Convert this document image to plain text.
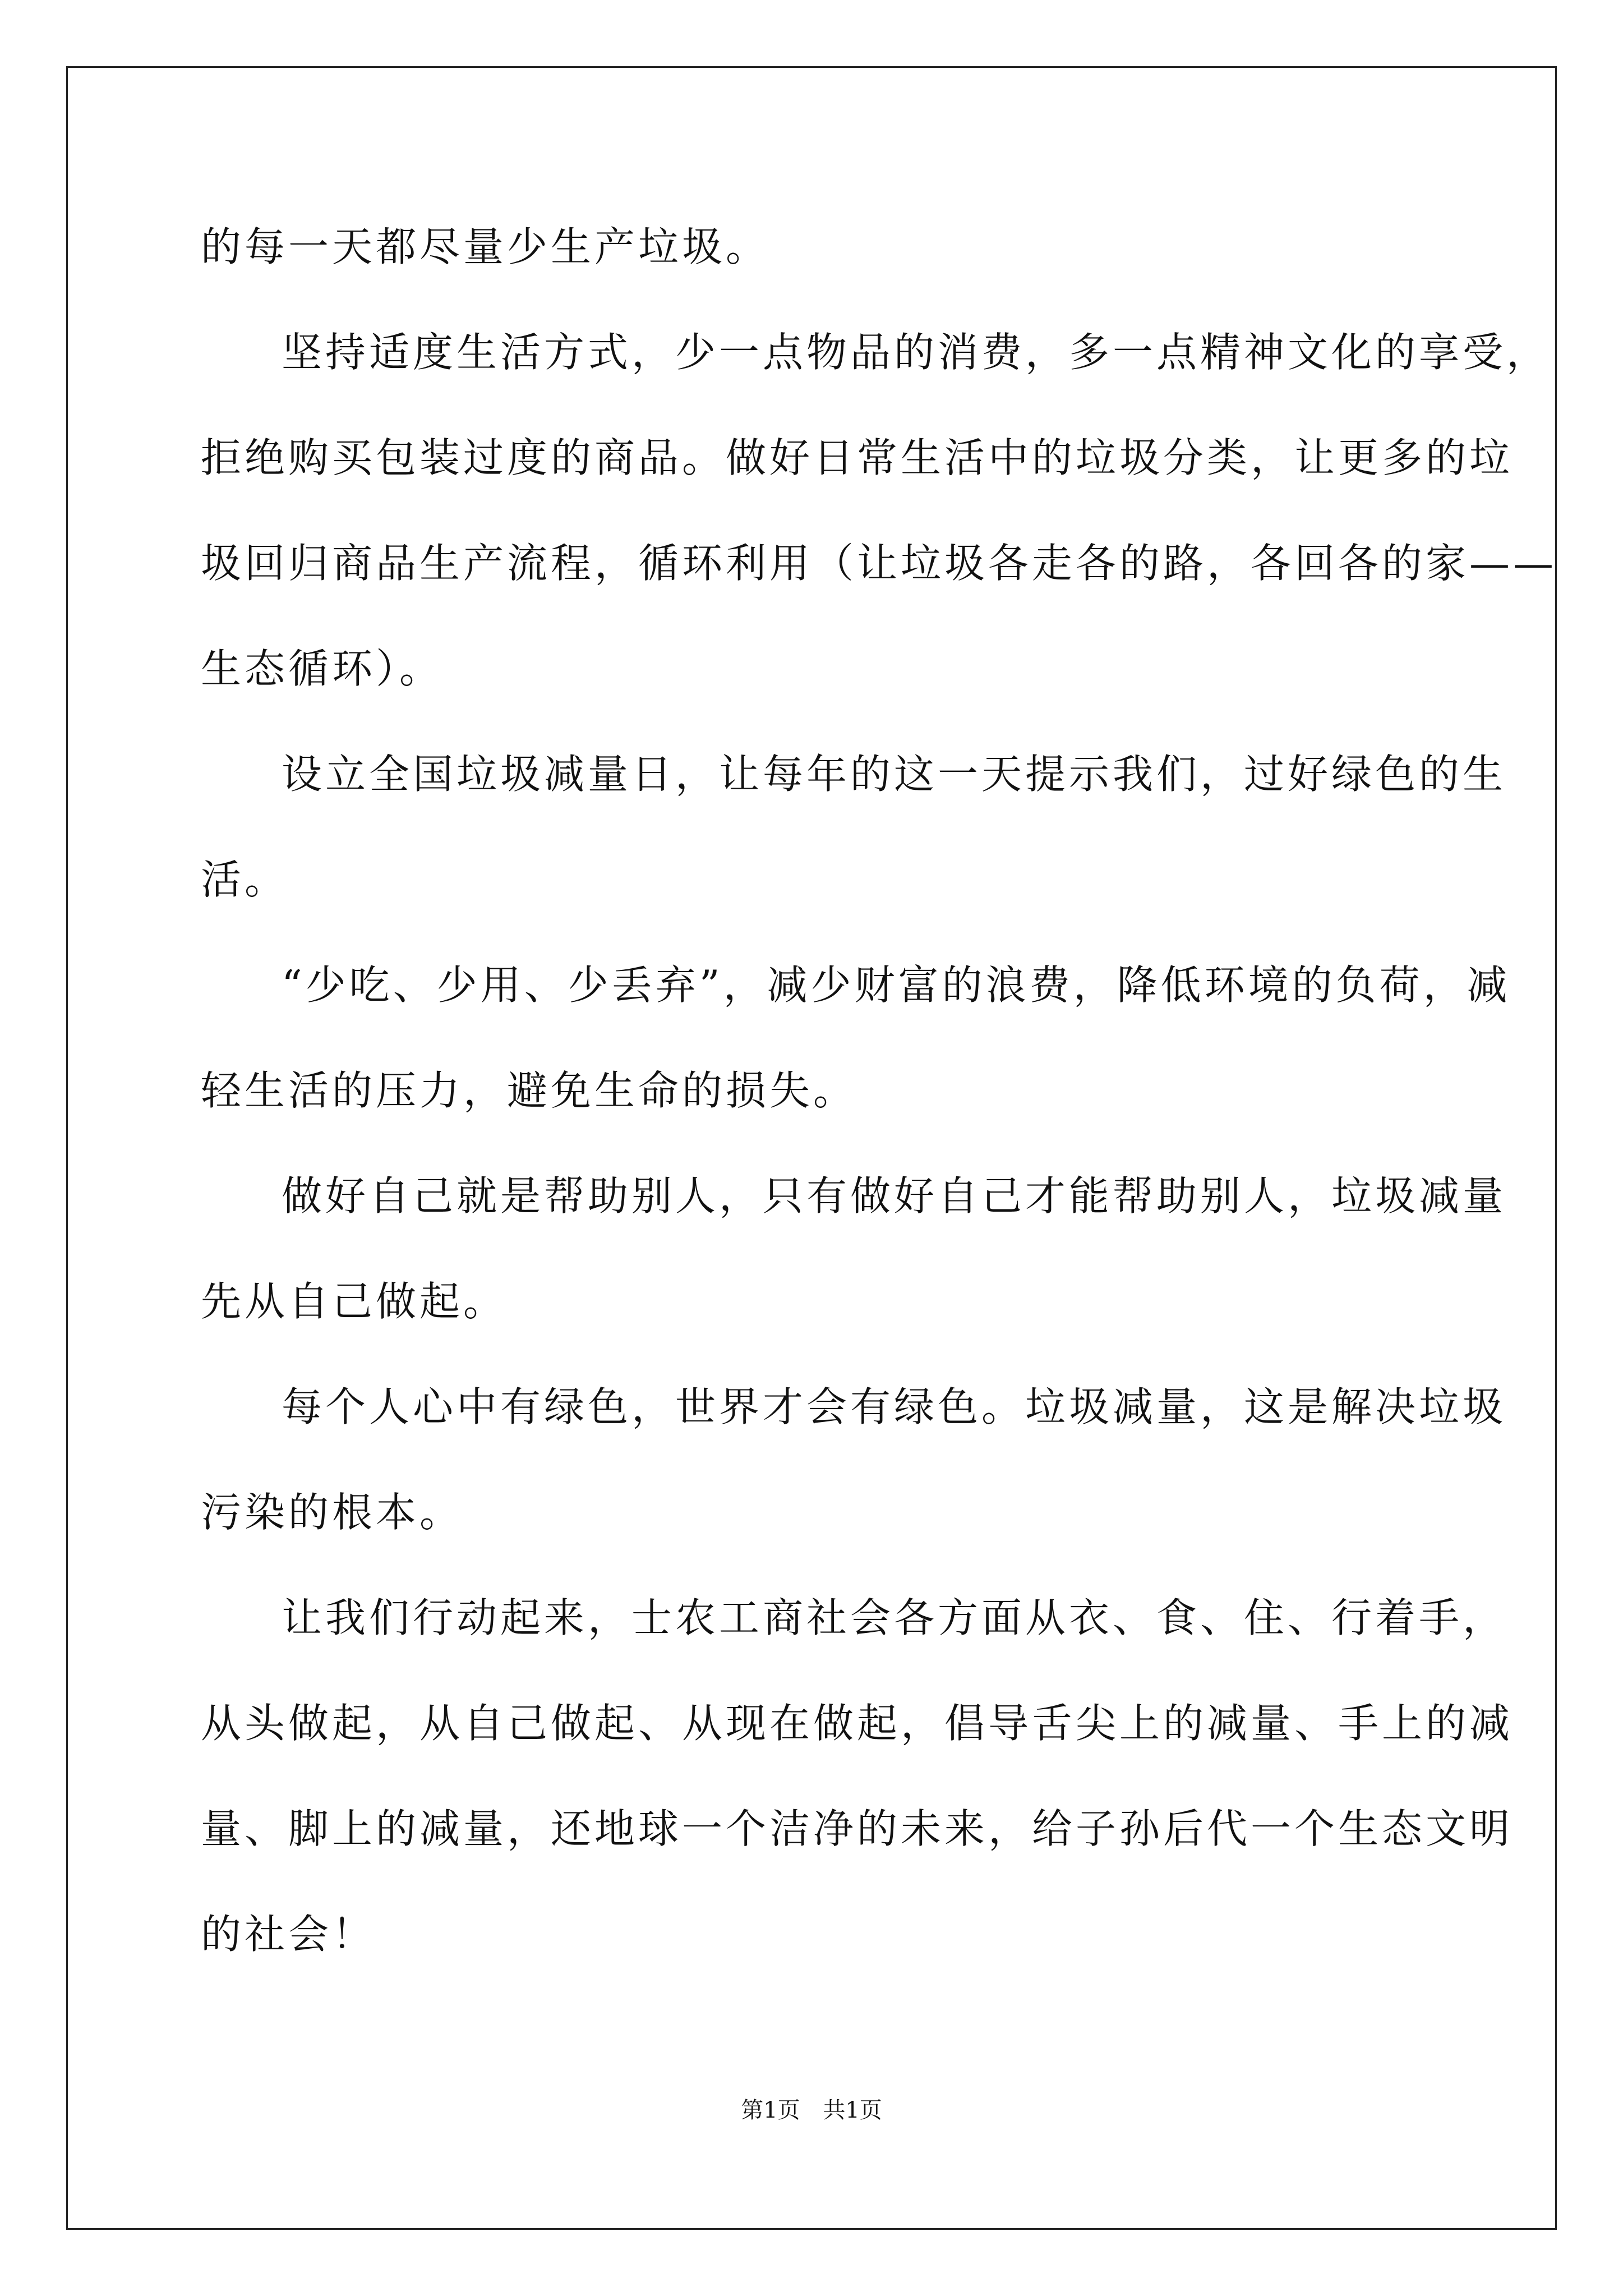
的每一天都尽量少生产垃圾。
坚持适度生活方式，少一点物品的消费，多一点精神文化的享受，
拒绝购买包装过度的商品。做好日常生活中的垃圾分类，让更多的垃
圾回归商品生产流程，循环利用（让垃圾各走各的路，各回各的家——
生态循环）。
设立全国垃圾减量日，让每年的这一天提示我们，过好绿色的生
活。
“少吃、少用、少丢弃”，减少财富的浪费，降低环境的负荷，减
轻生活的压力，避免生命的损失。
做好自己就是帮助别人，只有做好自己才能帮助别人，垃圾减量
先从自己做起。
每个人心中有绿色，世界才会有绿色。垃圾减量，这是解决垃圾
污染的根本。
让我们行动起来，士农工商社会各方面从衣、食、住、行着手，
从头做起，从自己做起、从现在做起，倡导舌尖上的减量、手上的减
量、脚上的减量，还地球一个洁净的未来，给子孙后代一个生态文明
的社会！
第1页 共1页
